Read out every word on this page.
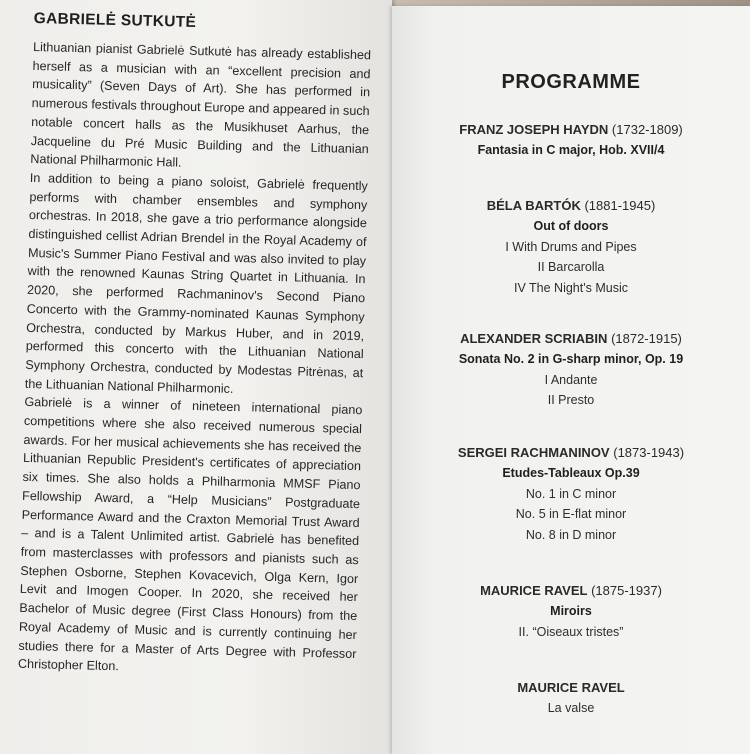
GABRIELĖ SUTKUTĖ

Lithuanian pianist Gabrielė Sutkutė has already established herself as a musician with an “excellent precision and musicality” (Seven Days of Art). She has performed in numerous festivals throughout Europe and appeared in such notable concert halls as the Musikhuset Aarhus, the Jacqueline du Pré Music Building and the Lithuanian National Philharmonic Hall.

In addition to being a piano soloist, Gabrielė frequently performs with chamber ensembles and symphony orchestras. In 2018, she gave a trio performance alongside distinguished cellist Adrian Brendel in the Royal Academy of Music's Summer Piano Festival and was also invited to play with the renowned Kaunas String Quartet in Lithuania. In 2020, she performed Rachmaninov's Second Piano Concerto with the Grammy-nominated Kaunas Symphony Orchestra, conducted by Markus Huber, and in 2019, performed this concerto with the Lithuanian National Symphony Orchestra, conducted by Modestas Pitrėnas, at the Lithuanian National Philharmonic.

Gabrielė is a winner of nineteen international piano competitions where she also received numerous special awards. For her musical achievements she has received the Lithuanian Republic President's certificates of appreciation six times. She also holds a Philharmonia MMSF Piano Fellowship Award, a “Help Musicians” Postgraduate Performance Award and the Craxton Memorial Trust Award – and is a Talent Unlimited artist. Gabrielė has benefited from masterclasses with professors and pianists such as Stephen Osborne, Stephen Kovacevich, Olga Kern, Igor Levit and Imogen Cooper. In 2020, she received her Bachelor of Music degree (First Class Honours) from the Royal Academy of Music and is currently continuing her studies there for a Master of Arts Degree with Professor Christopher Elton.

PROGRAMME
FRANZ JOSEPH HAYDN (1732-1809)
Fantasia in C major, Hob. XVII/4
BÉLA BARTÓK (1881-1945)
Out of doors
I With Drums and Pipes
II Barcarolla
IV The Night's Music
ALEXANDER SCRIABIN (1872-1915)
Sonata No. 2 in G-sharp minor, Op. 19
I Andante
II Presto
SERGEI RACHMANINOV (1873-1943)
Etudes-Tableaux Op.39
No. 1 in C minor
No. 5 in E-flat minor
No. 8 in D minor
MAURICE RAVEL (1875-1937)
Miroirs
II. “Oiseaux tristes”
MAURICE RAVEL
La valse
